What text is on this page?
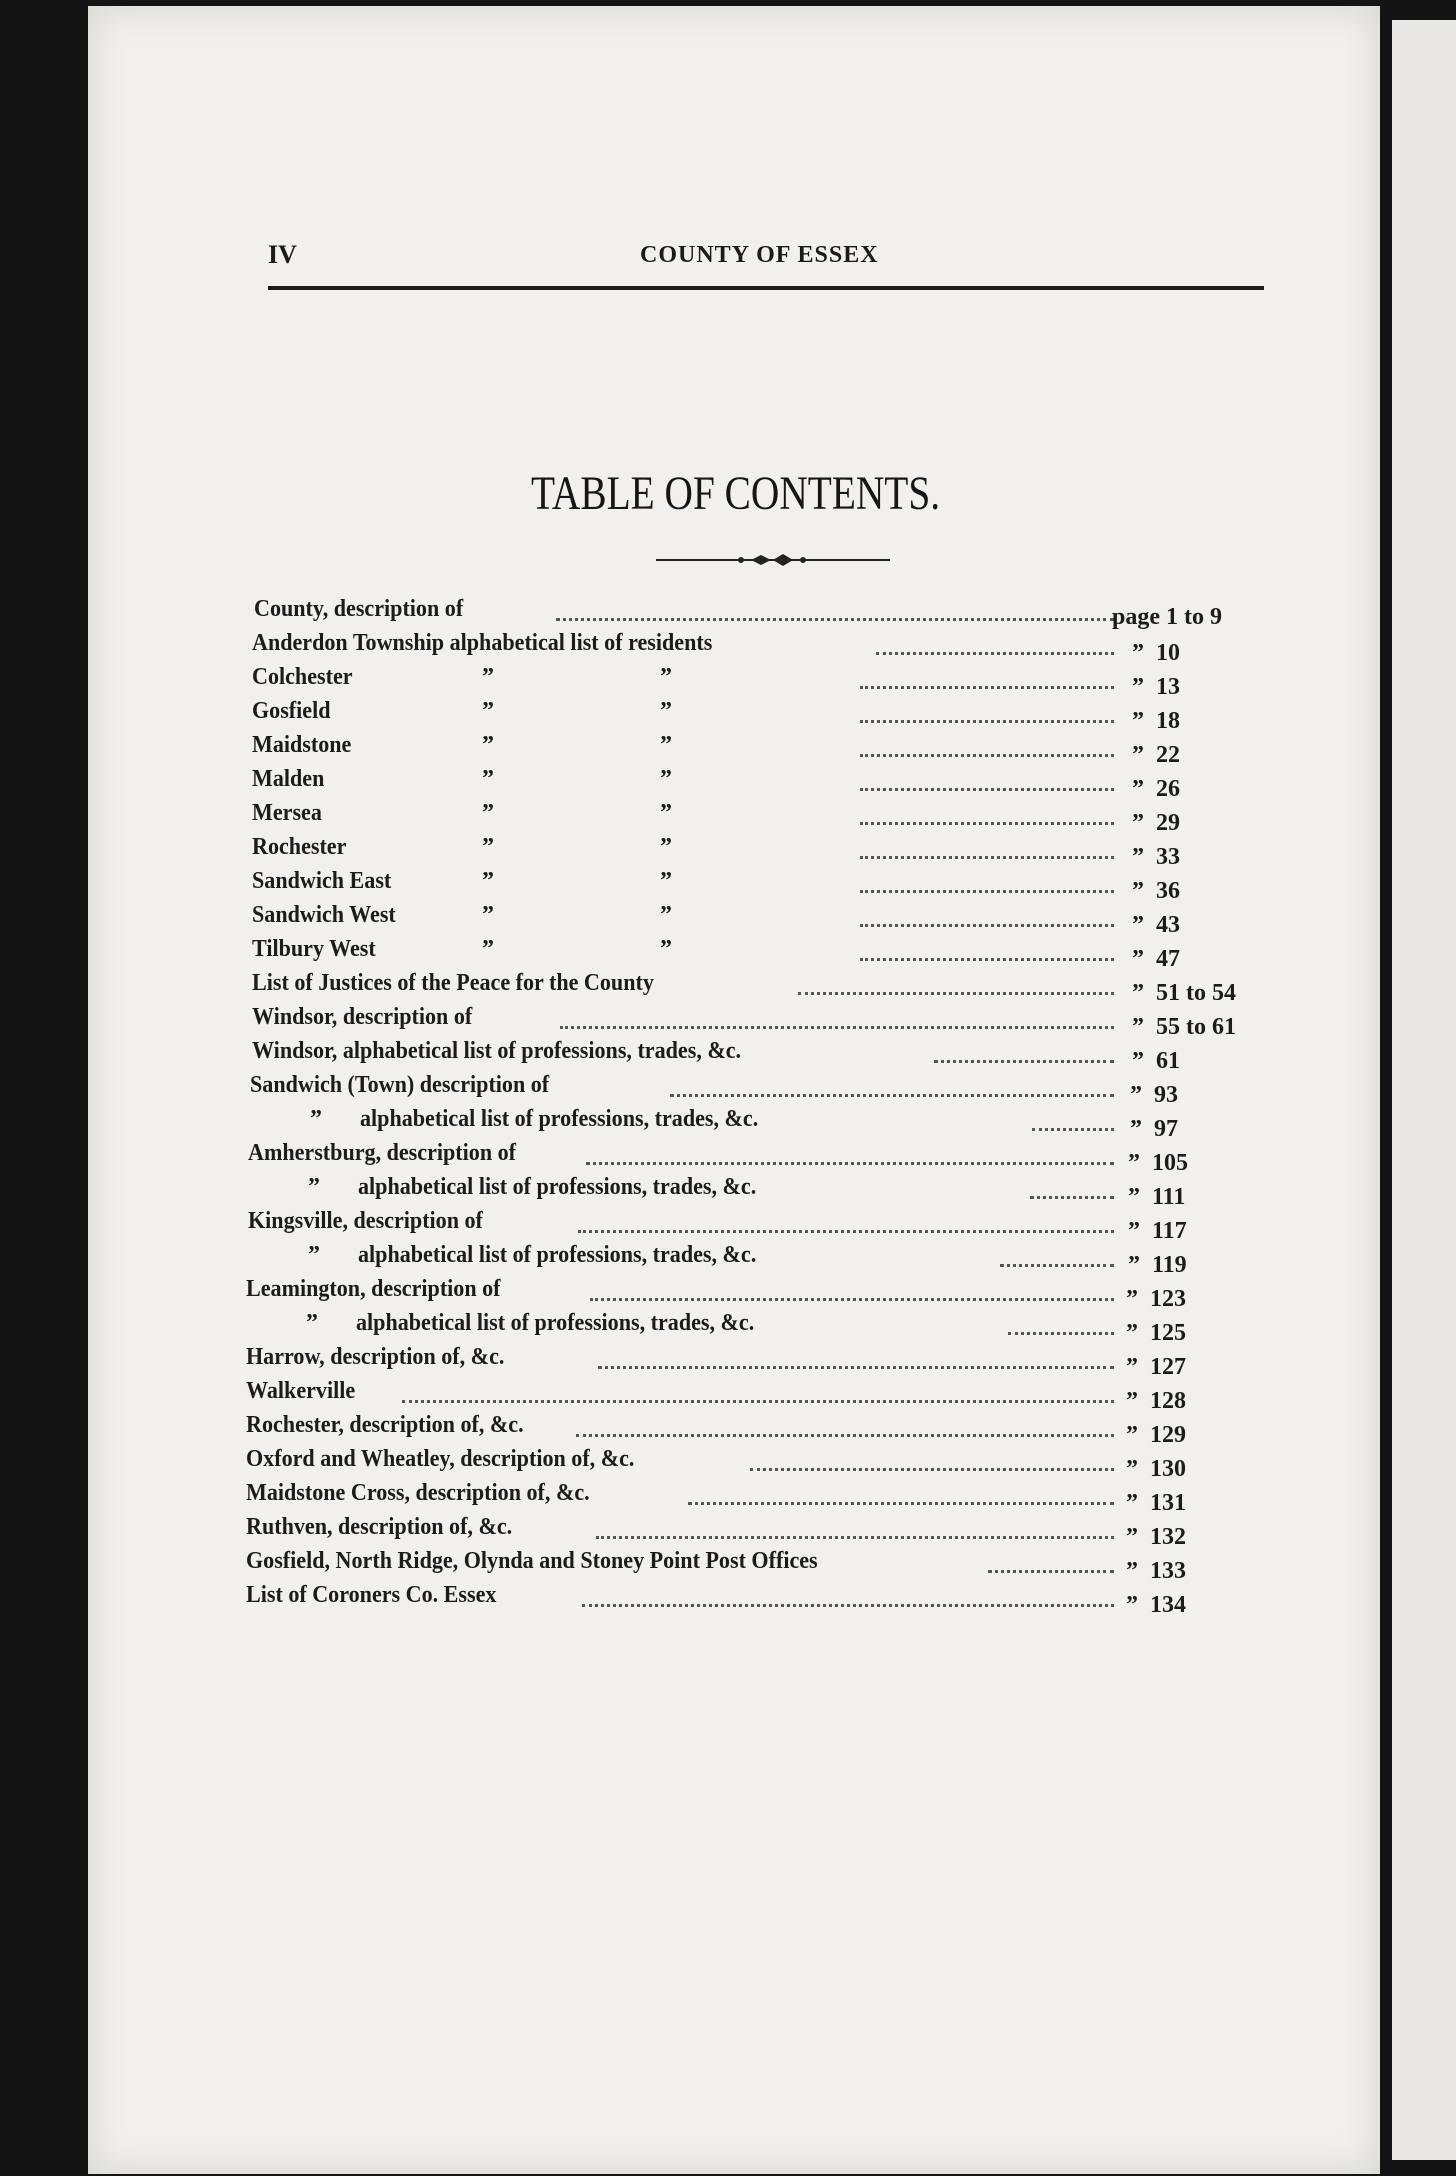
IV	COUNTY OF ESSEX
TABLE OF CONTENTS.
County, description of	page 1 to 9
Anderdon Township alphabetical list of residents	” 10
Colchester	”	”	” 13
Gosfield	”	”	” 18
Maidstone	”	”	” 22
Malden	”	”	” 26
Mersea	”	”	” 29
Rochester	”	”	” 33
Sandwich East	”	”	” 36
Sandwich West	”	”	” 43
Tilbury West	”	”	” 47
List of Justices of the Peace for the County	” 51 to 54
Windsor, description of	” 55 to 61
Windsor, alphabetical list of professions, trades, &c.	” 61
Sandwich (Town) description of	” 93
” alphabetical list of professions, trades, &c.	” 97
Amherstburg, description of	” 105
” alphabetical list of professions, trades, &c.	” 111
Kingsville, description of	” 117
” alphabetical list of professions, trades, &c.	” 119
Leamington, description of	” 123
” alphabetical list of professions, trades, &c.	” 125
Harrow, description of, &c.	” 127
Walkerville	” 128
Rochester, description of, &c.	” 129
Oxford and Wheatley, description of, &c.	” 130
Maidstone Cross, description of, &c.	” 131
Ruthven, description of, &c.	” 132
Gosfield, North Ridge, Olynda and Stoney Point Post Offices	” 133
List of Coroners Co. Essex	” 134
